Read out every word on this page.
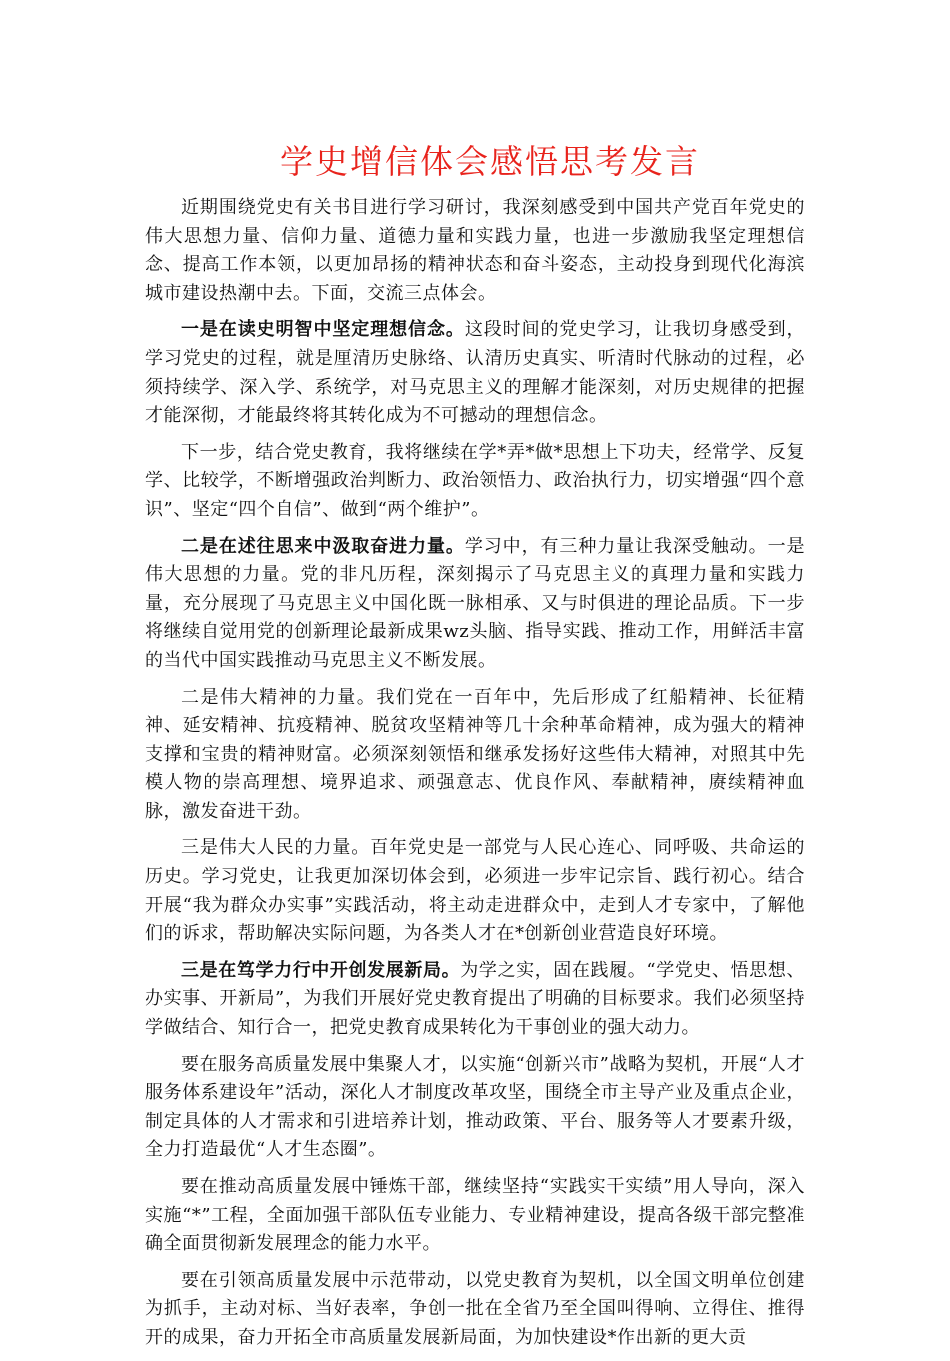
学史增信体会感悟思考发言

近期围绕党史有关书目进行学习研讨，我深刻感受到中国共产党百年党史的伟大思想力量、信仰力量、道德力量和实践力量，也进一步激励我坚定理想信念、提高工作本领，以更加昂扬的精神状态和奋斗姿态，主动投身到现代化海滨城市建设热潮中去。下面，交流三点体会。

一是在读史明智中坚定理想信念。这段时间的党史学习，让我切身感受到，学习党史的过程，就是厘清历史脉络、认清历史真实、听清时代脉动的过程，必须持续学、深入学、系统学，对马克思主义的理解才能深刻，对历史规律的把握才能深彻，才能最终将其转化成为不可撼动的理想信念。

下一步，结合党史教育，我将继续在学*弄*做*思想上下功夫，经常学、反复学、比较学，不断增强政治判断力、政治领悟力、政治执行力，切实增强“四个意识”、坚定“四个自信”、做到“两个维护”。

二是在述往思来中汲取奋进力量。学习中，有三种力量让我深受触动。一是伟大思想的力量。党的非凡历程，深刻揭示了马克思主义的真理力量和实践力量，充分展现了马克思主义中国化既一脉相承、又与时俱进的理论品质。下一步将继续自觉用党的创新理论最新成果wz头脑、指导实践、推动工作，用鲜活丰富的当代中国实践推动马克思主义不断发展。

二是伟大精神的力量。我们党在一百年中，先后形成了红船精神、长征精神、延安精神、抗疫精神、脱贫攻坚精神等几十余种革命精神，成为强大的精神支撑和宝贵的精神财富。必须深刻领悟和继承发扬好这些伟大精神，对照其中先模人物的崇高理想、境界追求、顽强意志、优良作风、奉献精神，赓续精神血脉，激发奋进干劲。

三是伟大人民的力量。百年党史是一部党与人民心连心、同呼吸、共命运的历史。学习党史，让我更加深切体会到，必须进一步牢记宗旨、践行初心。结合开展“我为群众办实事”实践活动，将主动走进群众中，走到人才专家中，了解他们的诉求，帮助解决实际问题，为各类人才在*创新创业营造良好环境。

三是在笃学力行中开创发展新局。为学之实，固在践履。“学党史、悟思想、办实事、开新局”，为我们开展好党史教育提出了明确的目标要求。我们必须坚持学做结合、知行合一，把党史教育成果转化为干事创业的强大动力。

要在服务高质量发展中集聚人才，以实施“创新兴市”战略为契机，开展“人才服务体系建设年”活动，深化人才制度改革攻坚，围绕全市主导产业及重点企业，制定具体的人才需求和引进培养计划，推动政策、平台、服务等人才要素升级，全力打造最优“人才生态圈”。

要在推动高质量发展中锤炼干部，继续坚持“实践实干实绩”用人导向，深入实施“*”工程，全面加强干部队伍专业能力、专业精神建设，提高各级干部完整准确全面贯彻新发展理念的能力水平。

要在引领高质量发展中示范带动，以党史教育为契机，以全国文明单位创建为抓手，主动对标、当好表率，争创一批在全省乃至全国叫得响、立得住、推得开的成果，奋力开拓全市高质量发展新局面，为加快建设*作出新的更大贡
